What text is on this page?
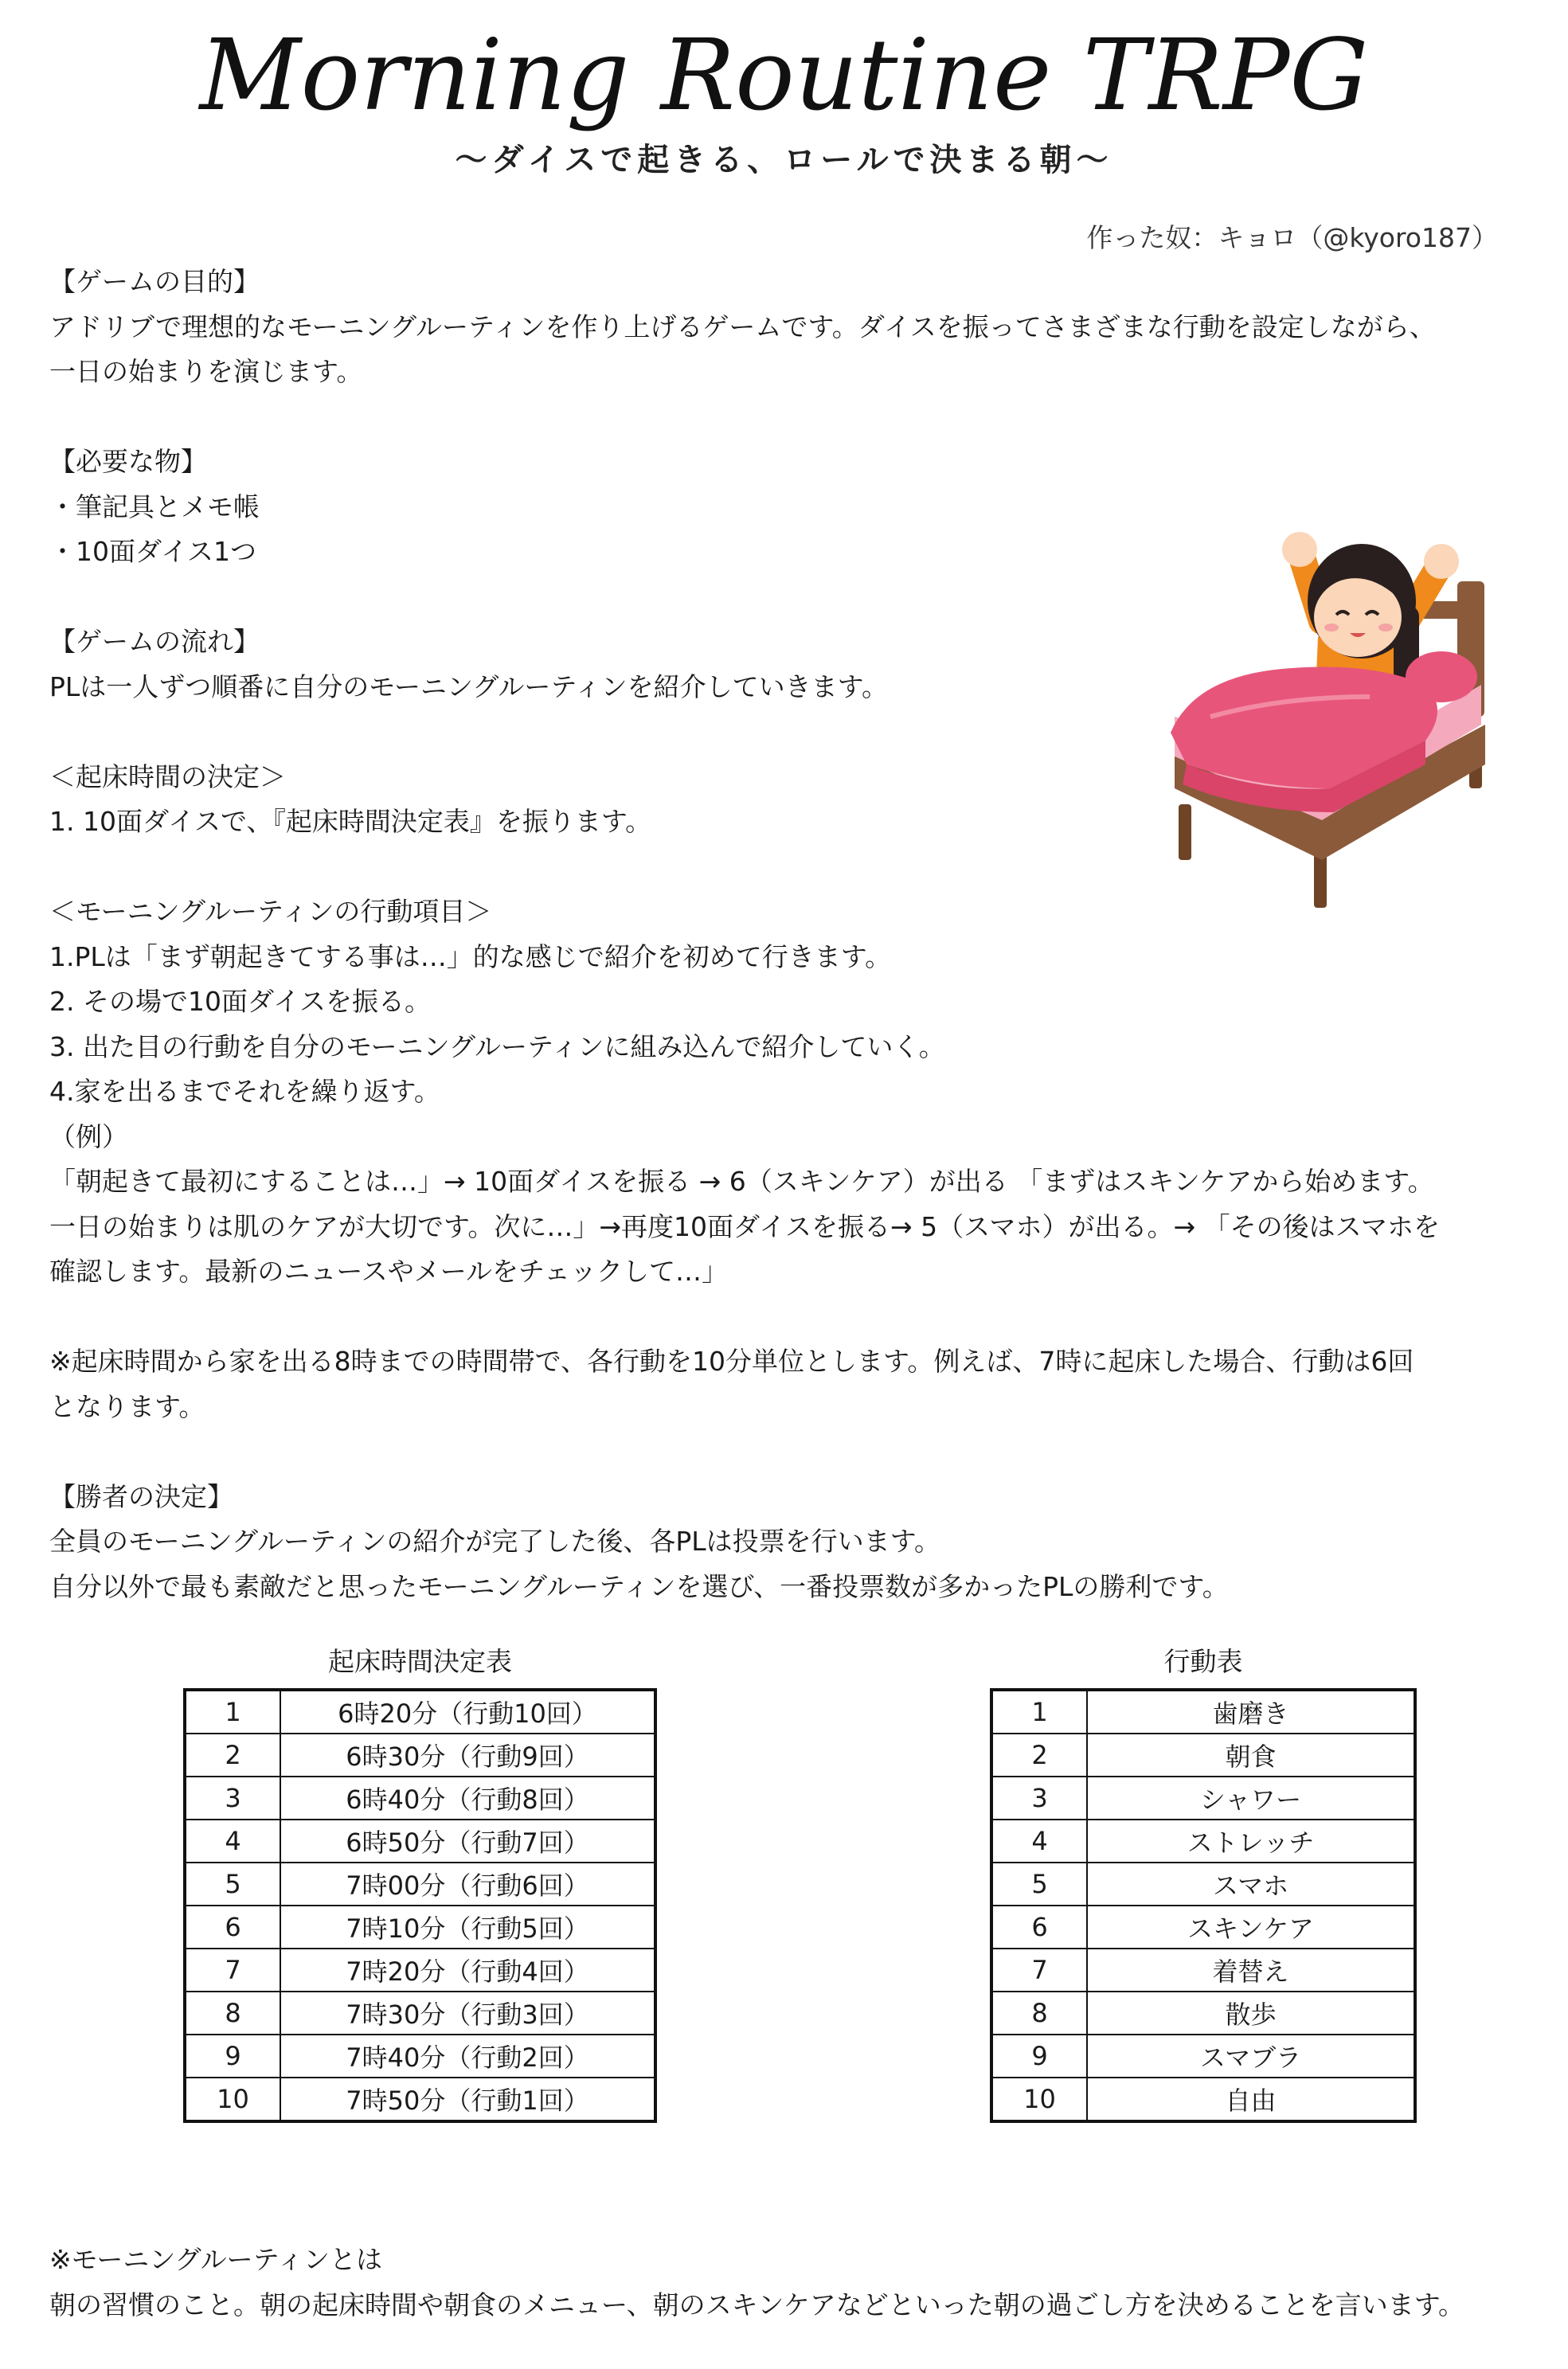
Morning Routine TRPG
〜ダイスで起きる、ロールで決まる朝〜
作った奴：キョロ（@kyoro187）
【ゲームの目的】
アドリブで理想的なモーニングルーティンを作り上げるゲームです。ダイスを振ってさまざまな行動を設定しながら、
一日の始まりを演じます。
【必要な物】
・筆記具とメモ帳
・10面ダイス1つ
【ゲームの流れ】
PLは一人ずつ順番に自分のモーニングルーティンを紹介していきます。
＜起床時間の決定＞
1. 10面ダイスで、『起床時間決定表』を振ります。
＜モーニングルーティンの行動項目＞
1.PLは「まず朝起きてする事は…」的な感じで紹介を初めて行きます。
2. その場で10面ダイスを振る。
3. 出た目の行動を自分のモーニングルーティンに組み込んで紹介していく。
4.家を出るまでそれを繰り返す。
（例）
「朝起きて最初にすることは…」→ 10面ダイスを振る → 6（スキンケア）が出る 「まずはスキンケアから始めます。
一日の始まりは肌のケアが大切です。次に…」→再度10面ダイスを振る→ 5（スマホ）が出る。→ 「その後はスマホを
確認します。最新のニュースやメールをチェックして…」
※起床時間から家を出る8時までの時間帯で、各行動を10分単位とします。例えば、7時に起床した場合、行動は6回
となります。
【勝者の決定】
全員のモーニングルーティンの紹介が完了した後、各PLは投票を行います。
自分以外で最も素敵だと思ったモーニングルーティンを選び、一番投票数が多かったPLの勝利です。
起床時間決定表
1	6時20分（行動10回）
2	6時30分（行動9回）
3	6時40分（行動8回）
4	6時50分（行動7回）
5	7時00分（行動6回）
6	7時10分（行動5回）
7	7時20分（行動4回）
8	7時30分（行動3回）
9	7時40分（行動2回）
10	7時50分（行動1回）
行動表
1	歯磨き
2	朝食
3	シャワー
4	ストレッチ
5	スマホ
6	スキンケア
7	着替え
8	散歩
9	スマブラ
10	自由
※モーニングルーティンとは
朝の習慣のこと。朝の起床時間や朝食のメニュー、朝のスキンケアなどといった朝の過ごし方を決めることを言います。
